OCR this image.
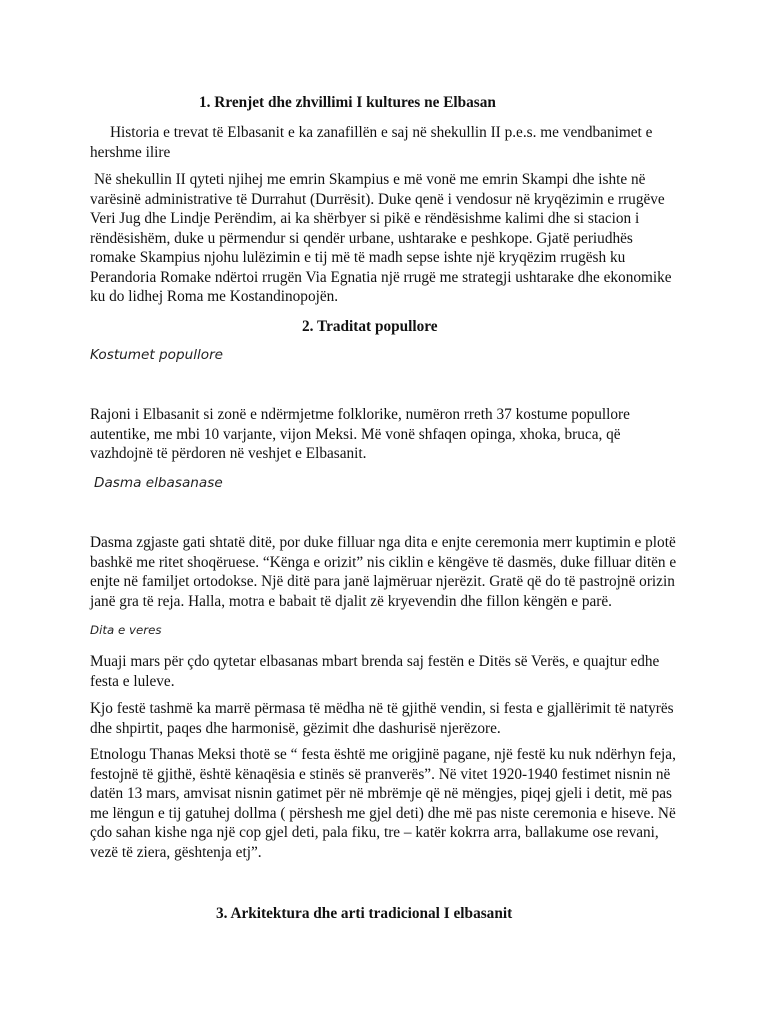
1. Rrenjet dhe zhvillimi I kultures ne Elbasan

Historia e trevat të Elbasanit e ka zanafillën e saj në shekullin II p.e.s. me vendbanimet e hershme ilire

Në shekullin II qyteti njihej me emrin Skampius e më vonë me emrin Skampi dhe ishte në varësinë administrative të Durrahut (Durrësit). Duke qenë i vendosur në kryqëzimin e rrugëve Veri Jug dhe Lindje Perëndim, ai ka shërbyer si pikë e rëndësishme kalimi dhe si stacion i rëndësishëm, duke u përmendur si qendër urbane, ushtarake e peshkope. Gjatë periudhës romake Skampius njohu lulëzimin e tij më të madh sepse ishte një kryqëzim rrugësh ku Perandoria Romake ndërtoi rrugën Via Egnatia një rrugë me strategji ushtarake dhe ekonomike ku do lidhej Roma me Kostandinopojën.

2. Traditat popullore

Kostumet popullore

Rajoni i Elbasanit si zonë e ndërmjetme folklorike, numëron rreth 37 kostume popullore autentike, me mbi 10 varjante, vijon Meksi. Më vonë shfaqen opinga, xhoka, bruca, që vazhdojnë të përdoren në veshjet e Elbasanit.

Dasma elbasanase

Dasma zgjaste gati shtatë ditë, por duke filluar nga dita e enjte ceremonia merr kuptimin e plotë bashkë me ritet shoqëruese. “Kënga e orizit” nis ciklin e këngëve të dasmës, duke filluar ditën e enjte në familjet ortodokse. Një ditë para janë lajmëruar njerëzit. Gratë që do të pastrojnë orizin janë gra të reja. Halla, motra e babait të djalit zë kryevendin dhe fillon këngën e parë.

Dita e veres

Muaji mars për çdo qytetar elbasanas mbart brenda saj festën e Ditës së Verës, e quajtur edhe festa e luleve.

Kjo festë tashmë ka marrë përmasa të mëdha në të gjithë vendin, si festa e gjallërimit të natyrës dhe shpirtit, paqes dhe harmonisë, gëzimit dhe dashurisë njerëzore.

Etnologu Thanas Meksi thotë se “ festa është me origjinë pagane, një festë ku nuk ndërhyn feja, festojnë të gjithë, është kënaqësia e stinës së pranverës”. Në vitet 1920-1940 festimet nisnin në datën 13 mars, amvisat nisnin gatimet për në mbrëmje që në mëngjes, piqej gjeli i detit, më pas me lëngun e tij gatuhej dollma ( përshesh me gjel deti) dhe më pas niste ceremonia e hiseve. Në çdo sahan kishe nga një cop gjel deti, pala fiku, tre – katër kokrra arra, ballakume ose revani, vezë të ziera, gështenja etj”.

3. Arkitektura dhe arti tradicional I elbasanit
